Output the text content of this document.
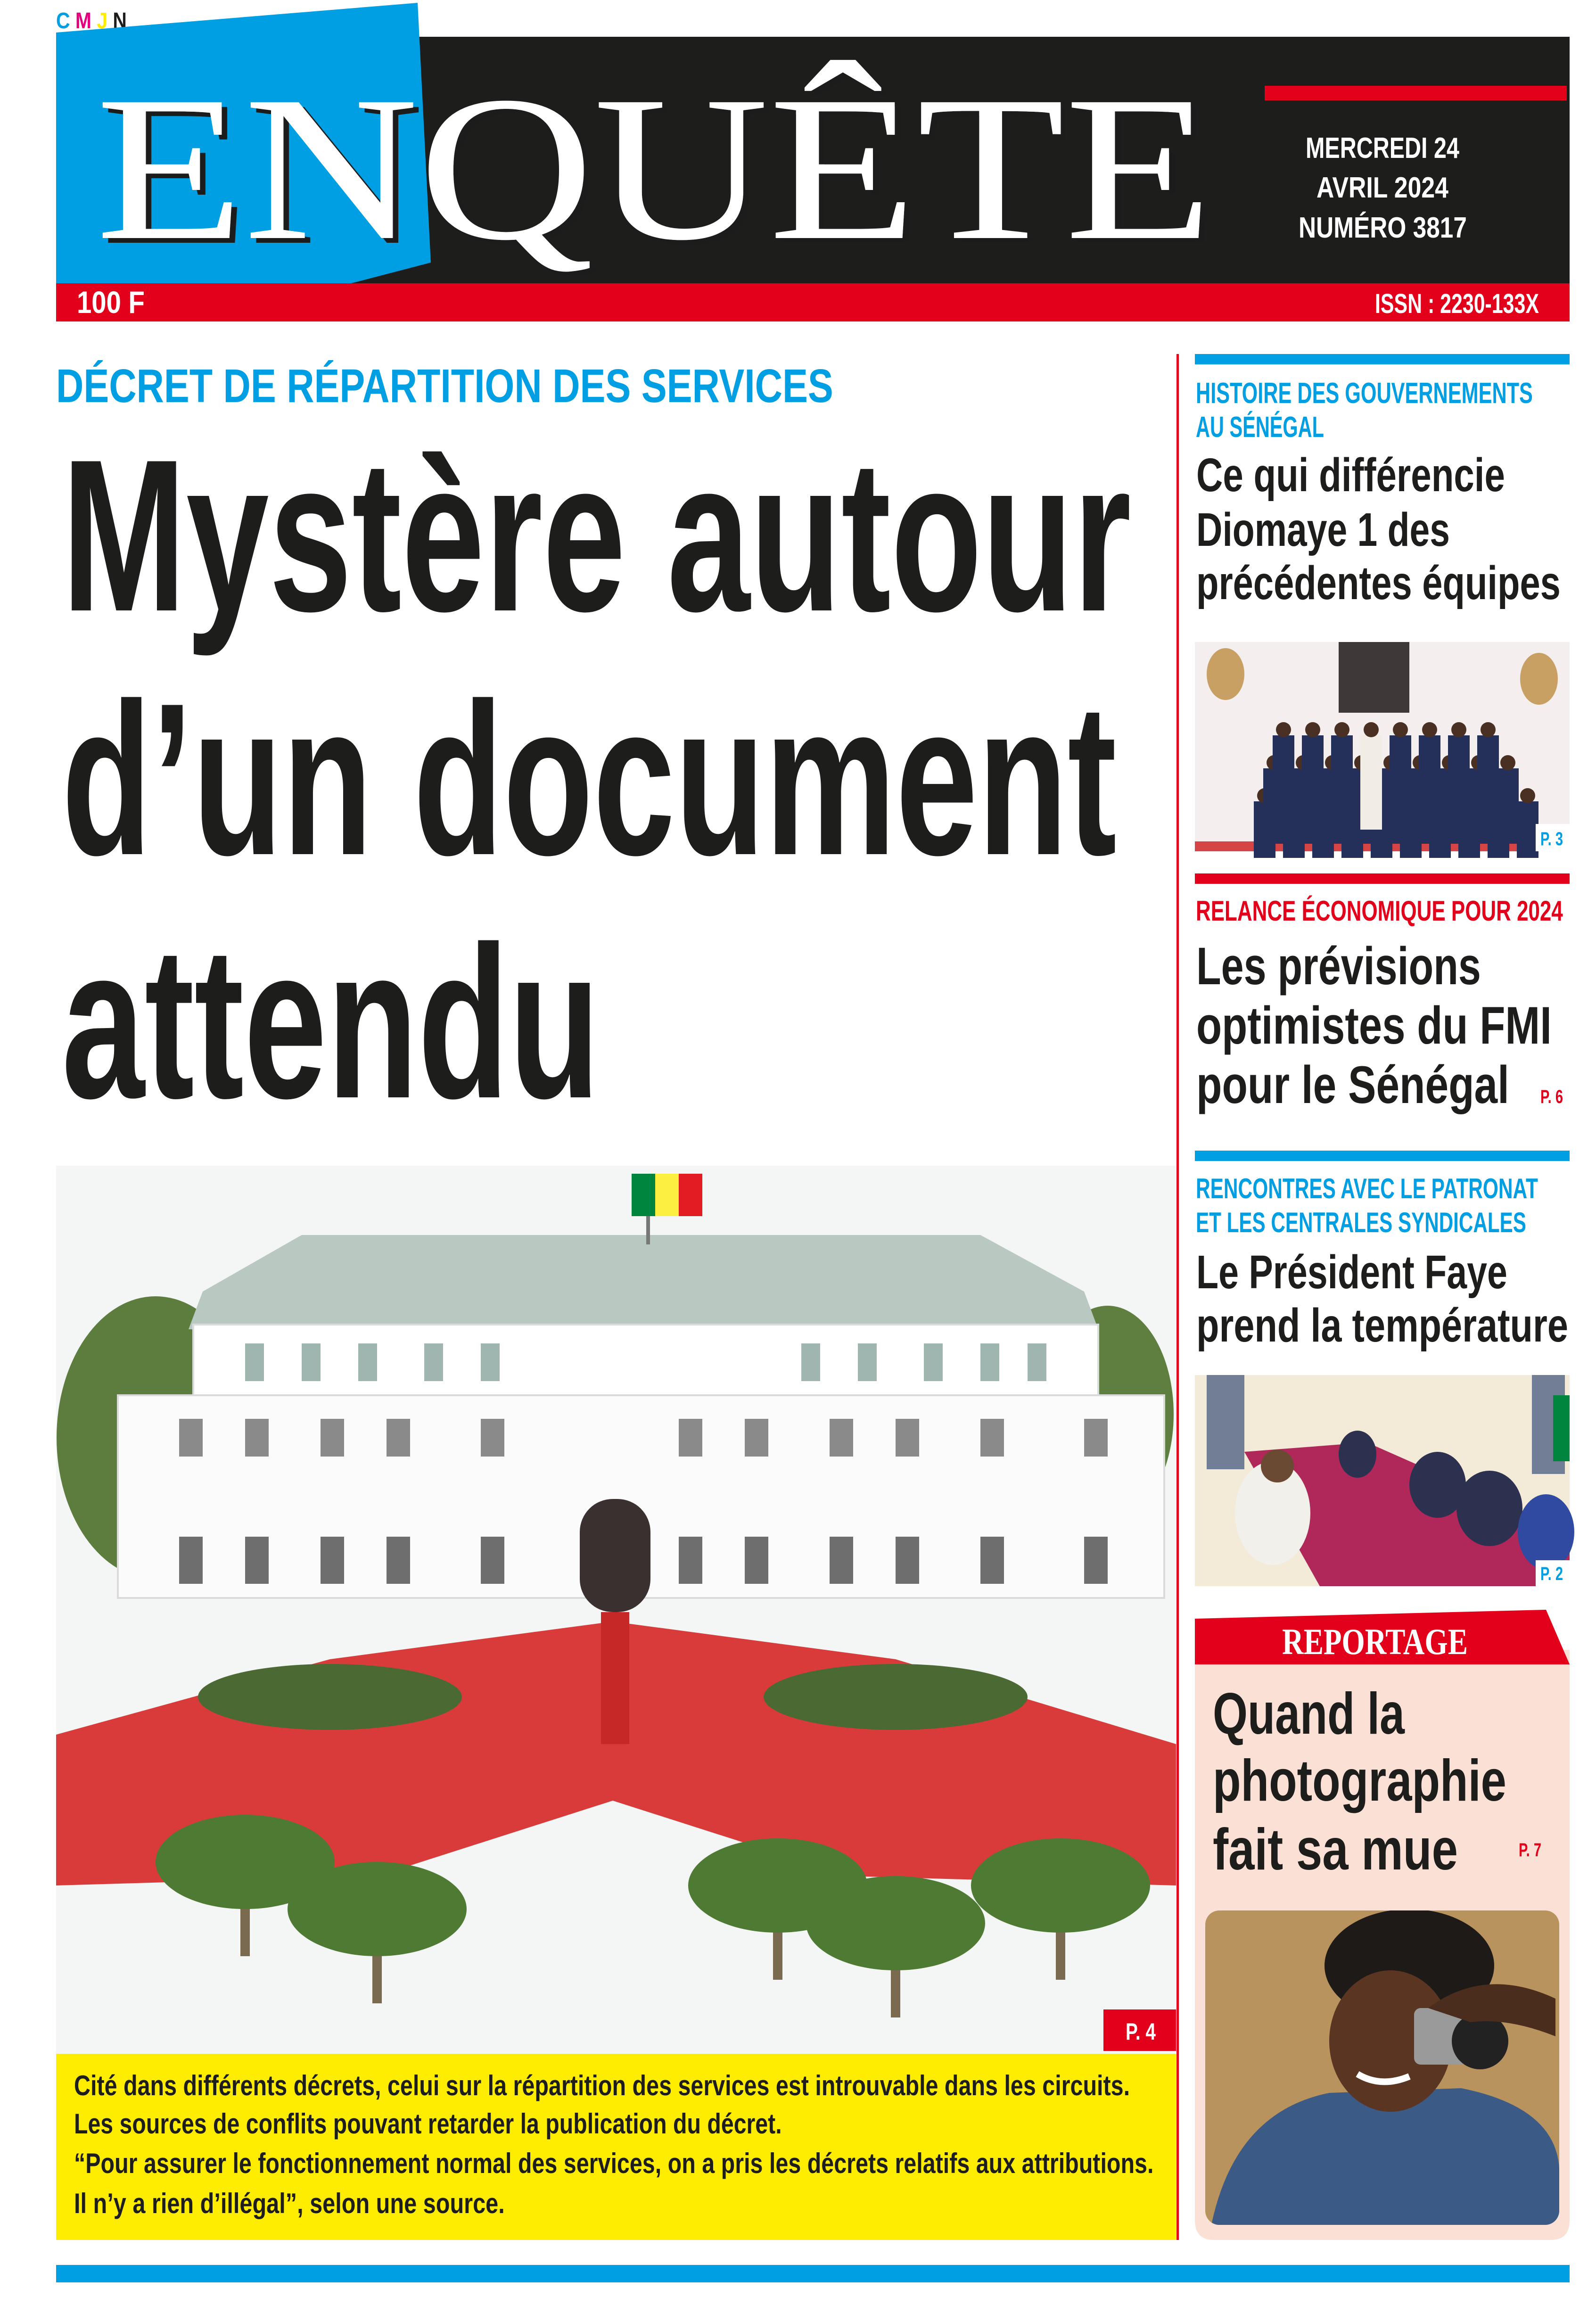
C M J N
ENQUÊTE
100 F	ISSN : 2230-133X
MERCREDI 24
AVRIL 2024
NUMÉRO 3817
DÉCRET DE RÉPARTITION DES SERVICES
Mystère autour
d’un document
attendu
P. 4
Cité dans différents décrets, celui sur la répartition des services est introuvable dans les circuits.
Les sources de conflits pouvant retarder la publication du décret.
“Pour assurer le fonctionnement normal des services, on a pris les décrets relatifs aux attributions.
Il n’y a rien d’illégal”, selon une source.
HISTOIRE DES GOUVERNEMENTS
AU SÉNÉGAL
Ce qui différencie
Diomaye 1 des
précédentes équipes
P. 3
RELANCE ÉCONOMIQUE POUR 2024
Les prévisions
optimistes du FMI
pour le Sénégal P. 6
RENCONTRES AVEC LE PATRONAT
ET LES CENTRALES SYNDICALES
Le Président Faye
prend la température
P. 2
REPORTAGE
Quand la
photographie
fait sa mue	P. 7
